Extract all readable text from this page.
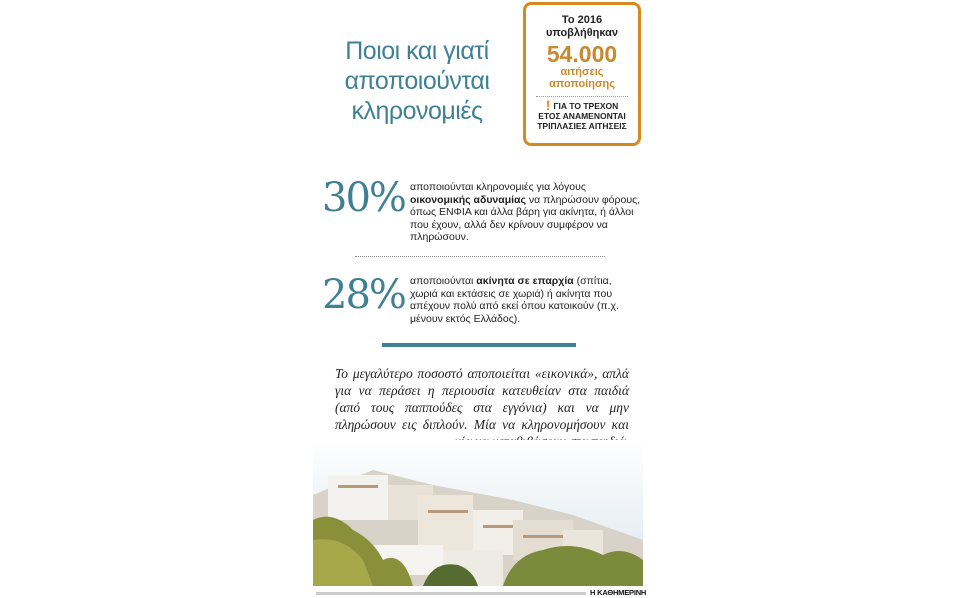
Ποιοι και γιατί
αποποιούνται
κληρονομιές
Το 2016
υποβλήθηκαν
54.000
αιτήσεις
αποποίησης
! ΓΙΑ ΤΟ ΤΡΕΧΟΝ
ΕΤΟΣ ΑΝΑΜΕΝΟΝΤΑΙ
ΤΡΙΠΛΑΣΙΕΣ ΑΙΤΗΣΕΙΣ
30% αποποιούνται κληρονομιές για λόγους οικονομικής αδυναμίας να πληρώσουν φόρους, όπως ΕΝΦΙΑ και άλλα βάρη για ακίνητα, ή άλλοι που έχουν, αλλά δεν κρίνουν συμφέρον να πληρώσουν.
28% αποποιούνται ακίνητα σε επαρχία (σπίτια, χωριά και εκτάσεις σε χωριά) ή ακίνητα που απέχουν πολύ από εκεί όπου κατοικούν (π.χ. μένουν εκτός Ελλάδος).
Το μεγαλύτερο ποσοστό αποποιείται «εικονικά», απλά για να περάσει η περιουσία κατευθείαν στα παιδιά (από τους παππούδες στα εγγόνια) και να μην πληρώσουν εις διπλούν. Μία να κληρονομήσουν και
Η ΚΑΘΗΜΕΡΙΝΗ
